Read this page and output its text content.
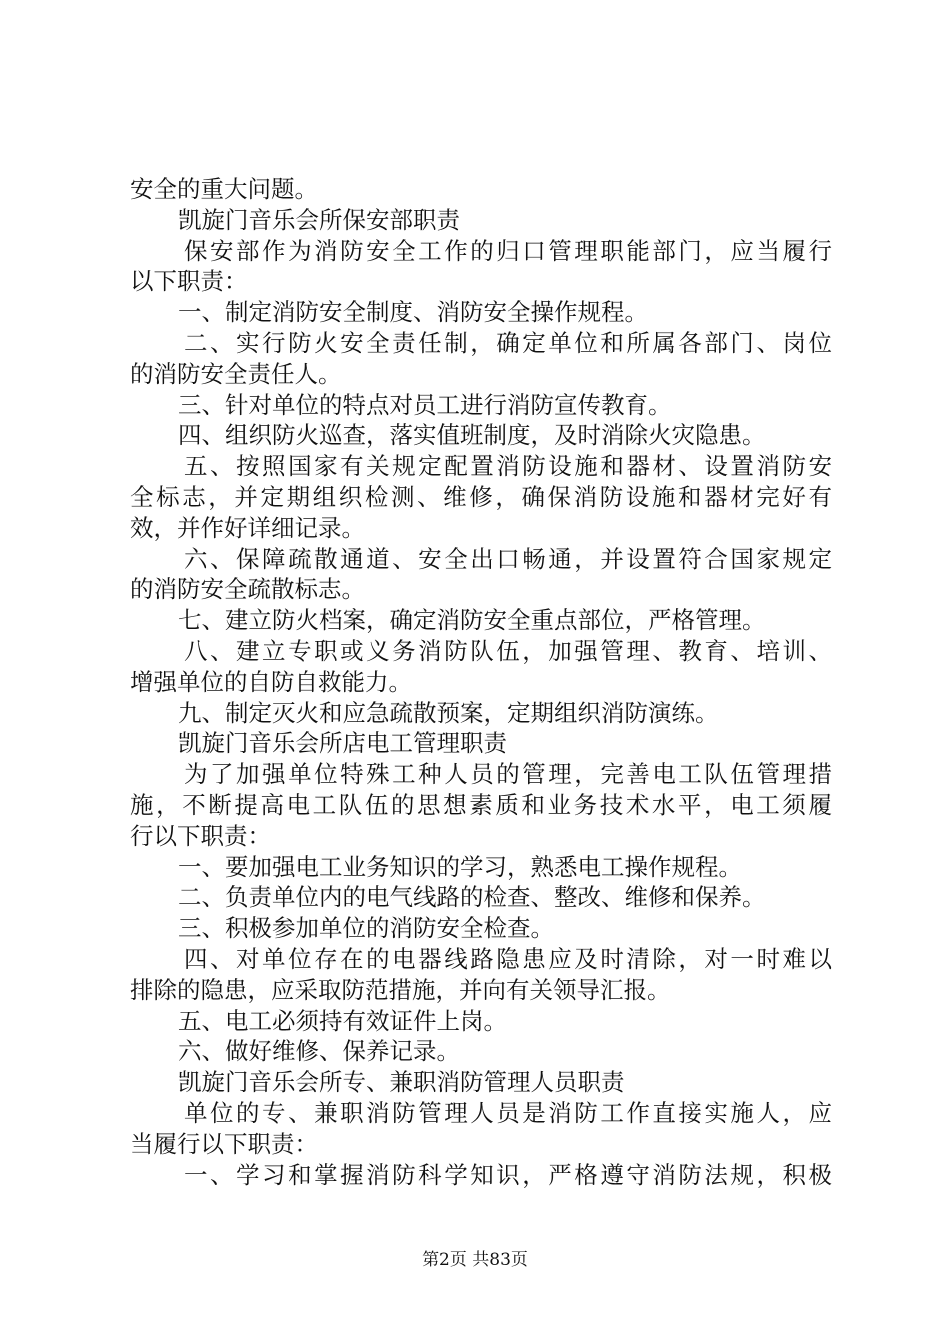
安全的重大问题。
凯旋门音乐会所保安部职责
保安部作为消防安全工作的归口管理职能部门，应当履行
以下职责：
一、制定消防安全制度、消防安全操作规程。
二、实行防火安全责任制，确定单位和所属各部门、岗位
的消防安全责任人。
三、针对单位的特点对员工进行消防宣传教育。
四、组织防火巡查，落实值班制度，及时消除火灾隐患。
五、按照国家有关规定配置消防设施和器材、设置消防安
全标志，并定期组织检测、维修，确保消防设施和器材完好有
效，并作好详细记录。
六、保障疏散通道、安全出口畅通，并设置符合国家规定
的消防安全疏散标志。
七、建立防火档案，确定消防安全重点部位，严格管理。
八、建立专职或义务消防队伍，加强管理、教育、培训、
增强单位的自防自救能力。
九、制定灭火和应急疏散预案，定期组织消防演练。
凯旋门音乐会所店电工管理职责
为了加强单位特殊工种人员的管理，完善电工队伍管理措
施，不断提高电工队伍的思想素质和业务技术水平，电工须履
行以下职责：
一、要加强电工业务知识的学习，熟悉电工操作规程。
二、负责单位内的电气线路的检查、整改、维修和保养。
三、积极参加单位的消防安全检查。
四、对单位存在的电器线路隐患应及时清除，对一时难以
排除的隐患，应采取防范措施，并向有关领导汇报。
五、电工必须持有效证件上岗。
六、做好维修、保养记录。
凯旋门音乐会所专、兼职消防管理人员职责
单位的专、兼职消防管理人员是消防工作直接实施人，应
当履行以下职责：
一、学习和掌握消防科学知识，严格遵守消防法规，积极
第2页 共83页
